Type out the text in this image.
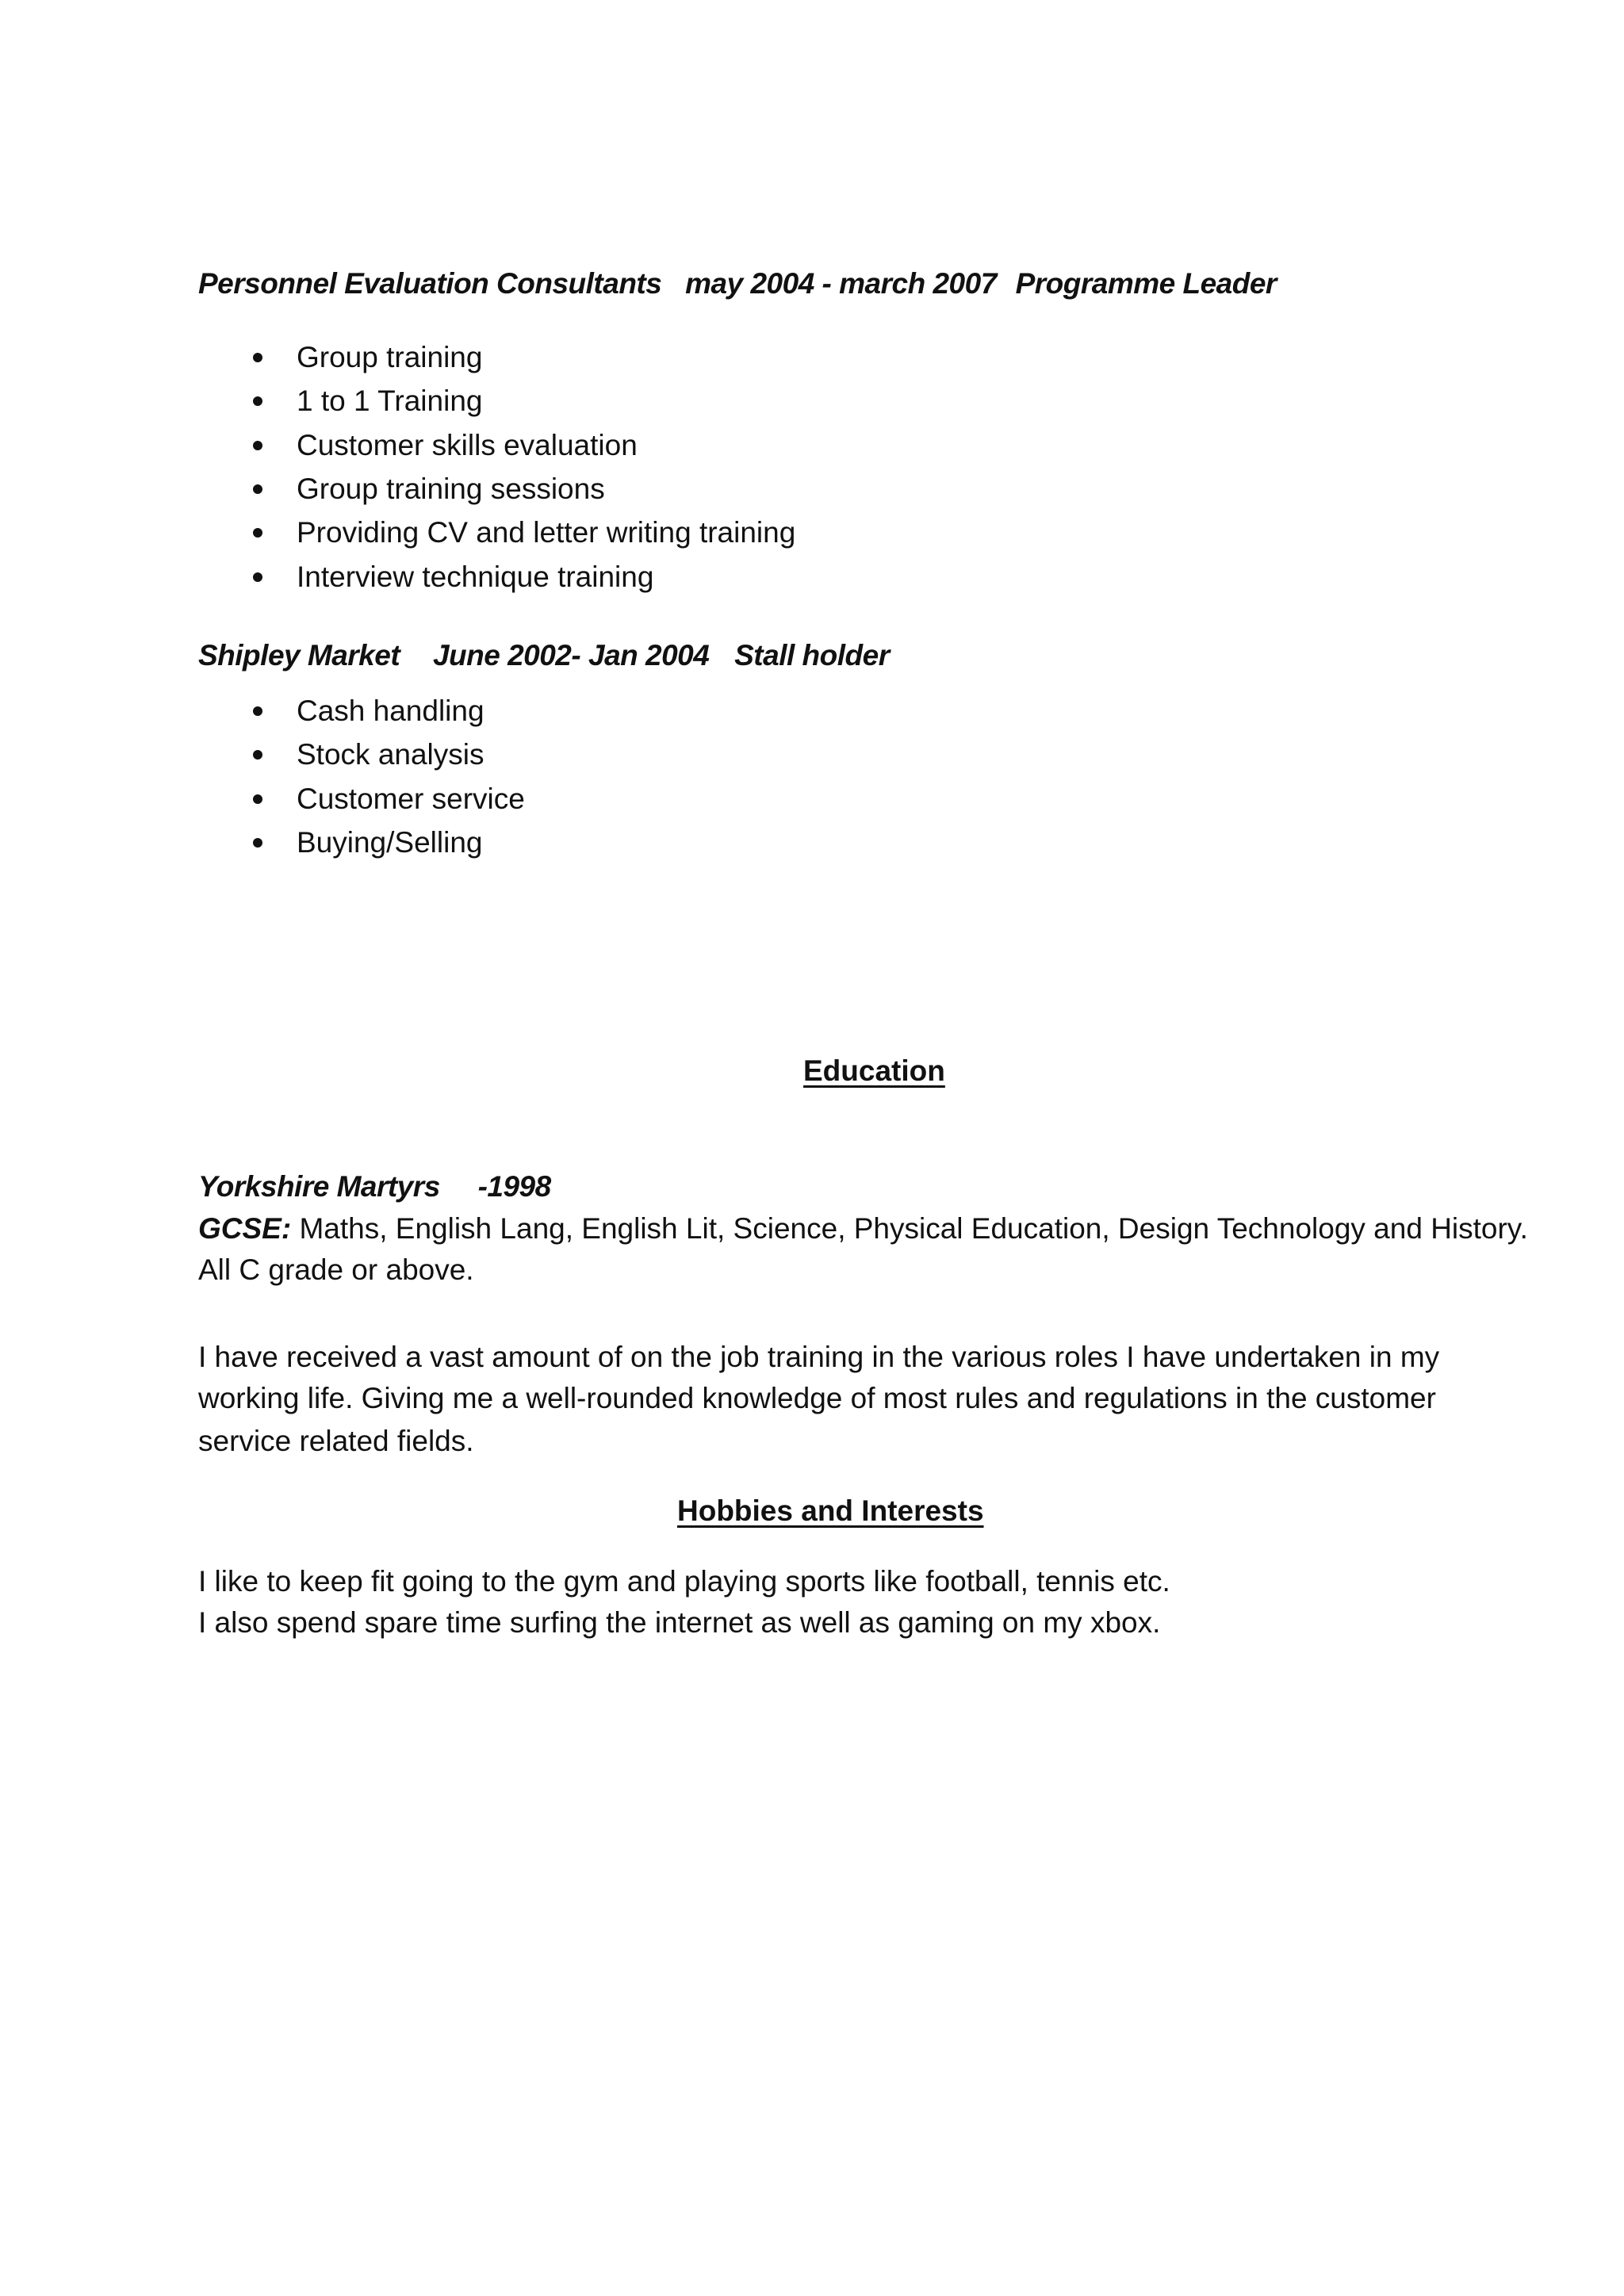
Personnel Evaluation Consultants may 2004 - march 2007 Programme Leader
Group training
1 to 1 Training
Customer skills evaluation
Group training sessions
Providing CV and letter writing training
Interview technique training
Shipley Market June 2002- Jan 2004 Stall holder
Cash handling
Stock analysis
Customer service
Buying/Selling
Education
Yorkshire Martyrs -1998
GCSE: Maths, English Lang, English Lit, Science, Physical Education, Design Technology and History.
All C grade or above.
I have received a vast amount of on the job training in the various roles I have undertaken in my
working life. Giving me a well-rounded knowledge of most rules and regulations in the customer
service related fields.
Hobbies and Interests
I like to keep fit going to the gym and playing sports like football, tennis etc.
I also spend spare time surfing the internet as well as gaming on my xbox.
